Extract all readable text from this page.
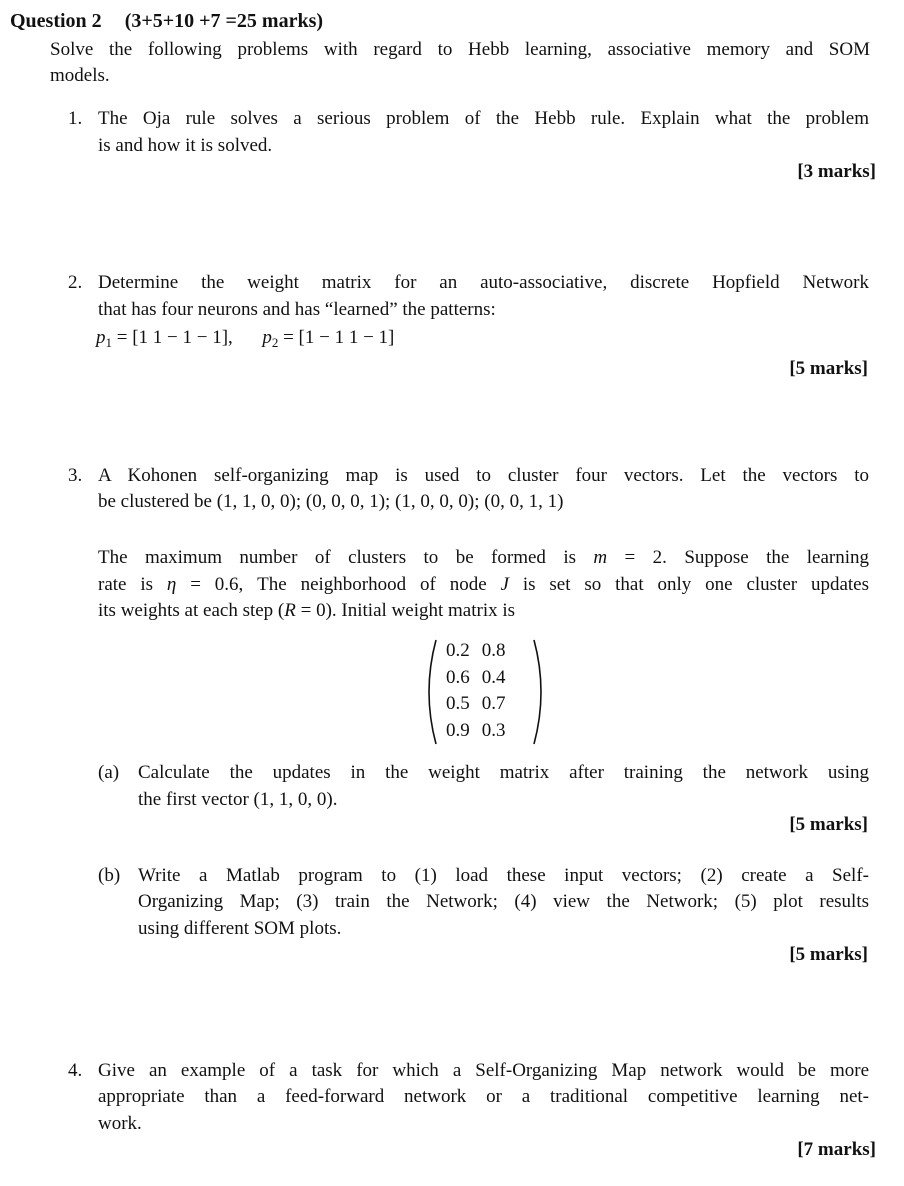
Question 2 (3+5+10 +7 =25 marks)
Solve the following problems with regard to Hebb learning, associative memory and SOM
models.
1. The Oja rule solves a serious problem of the Hebb rule. Explain what the problem
is and how it is solved.
[3 marks]
2. Determine the weight matrix for an auto-associative, discrete Hopfield Network
that has four neurons and has “learned” the patterns:
$p_1 = [1$ 1 − 1 − 1], $p_2 = [1 - 1$ 1 − 1]
[5 marks]
3. A Kohonen self-organizing map is used to cluster four vectors. Let the vectors to
be clustered be (1, 1, 0, 0); (0, 0, 0, 1); (1, 0, 0, 0); (0, 0, 1, 1)
The maximum number of clusters to be formed is m = 2. Suppose the learning
rate is η = 0.6, The neighborhood of node J is set so that only one cluster updates
its weights at each step (R = 0). Initial weight matrix is
0.2	0.8
0.6	0.4
0.5	0.7
0.9	0.3
(a) Calculate the updates in the weight matrix after training the network using
the first vector (1, 1, 0, 0).
[5 marks]
(b) Write a Matlab program to (1) load these input vectors; (2) create a Self-
Organizing Map; (3) train the Network; (4) view the Network; (5) plot results
using different SOM plots.
[5 marks]
4. Give an example of a task for which a Self-Organizing Map network would be more
appropriate than a feed-forward network or a traditional competitive learning net-
work.
[7 marks]
